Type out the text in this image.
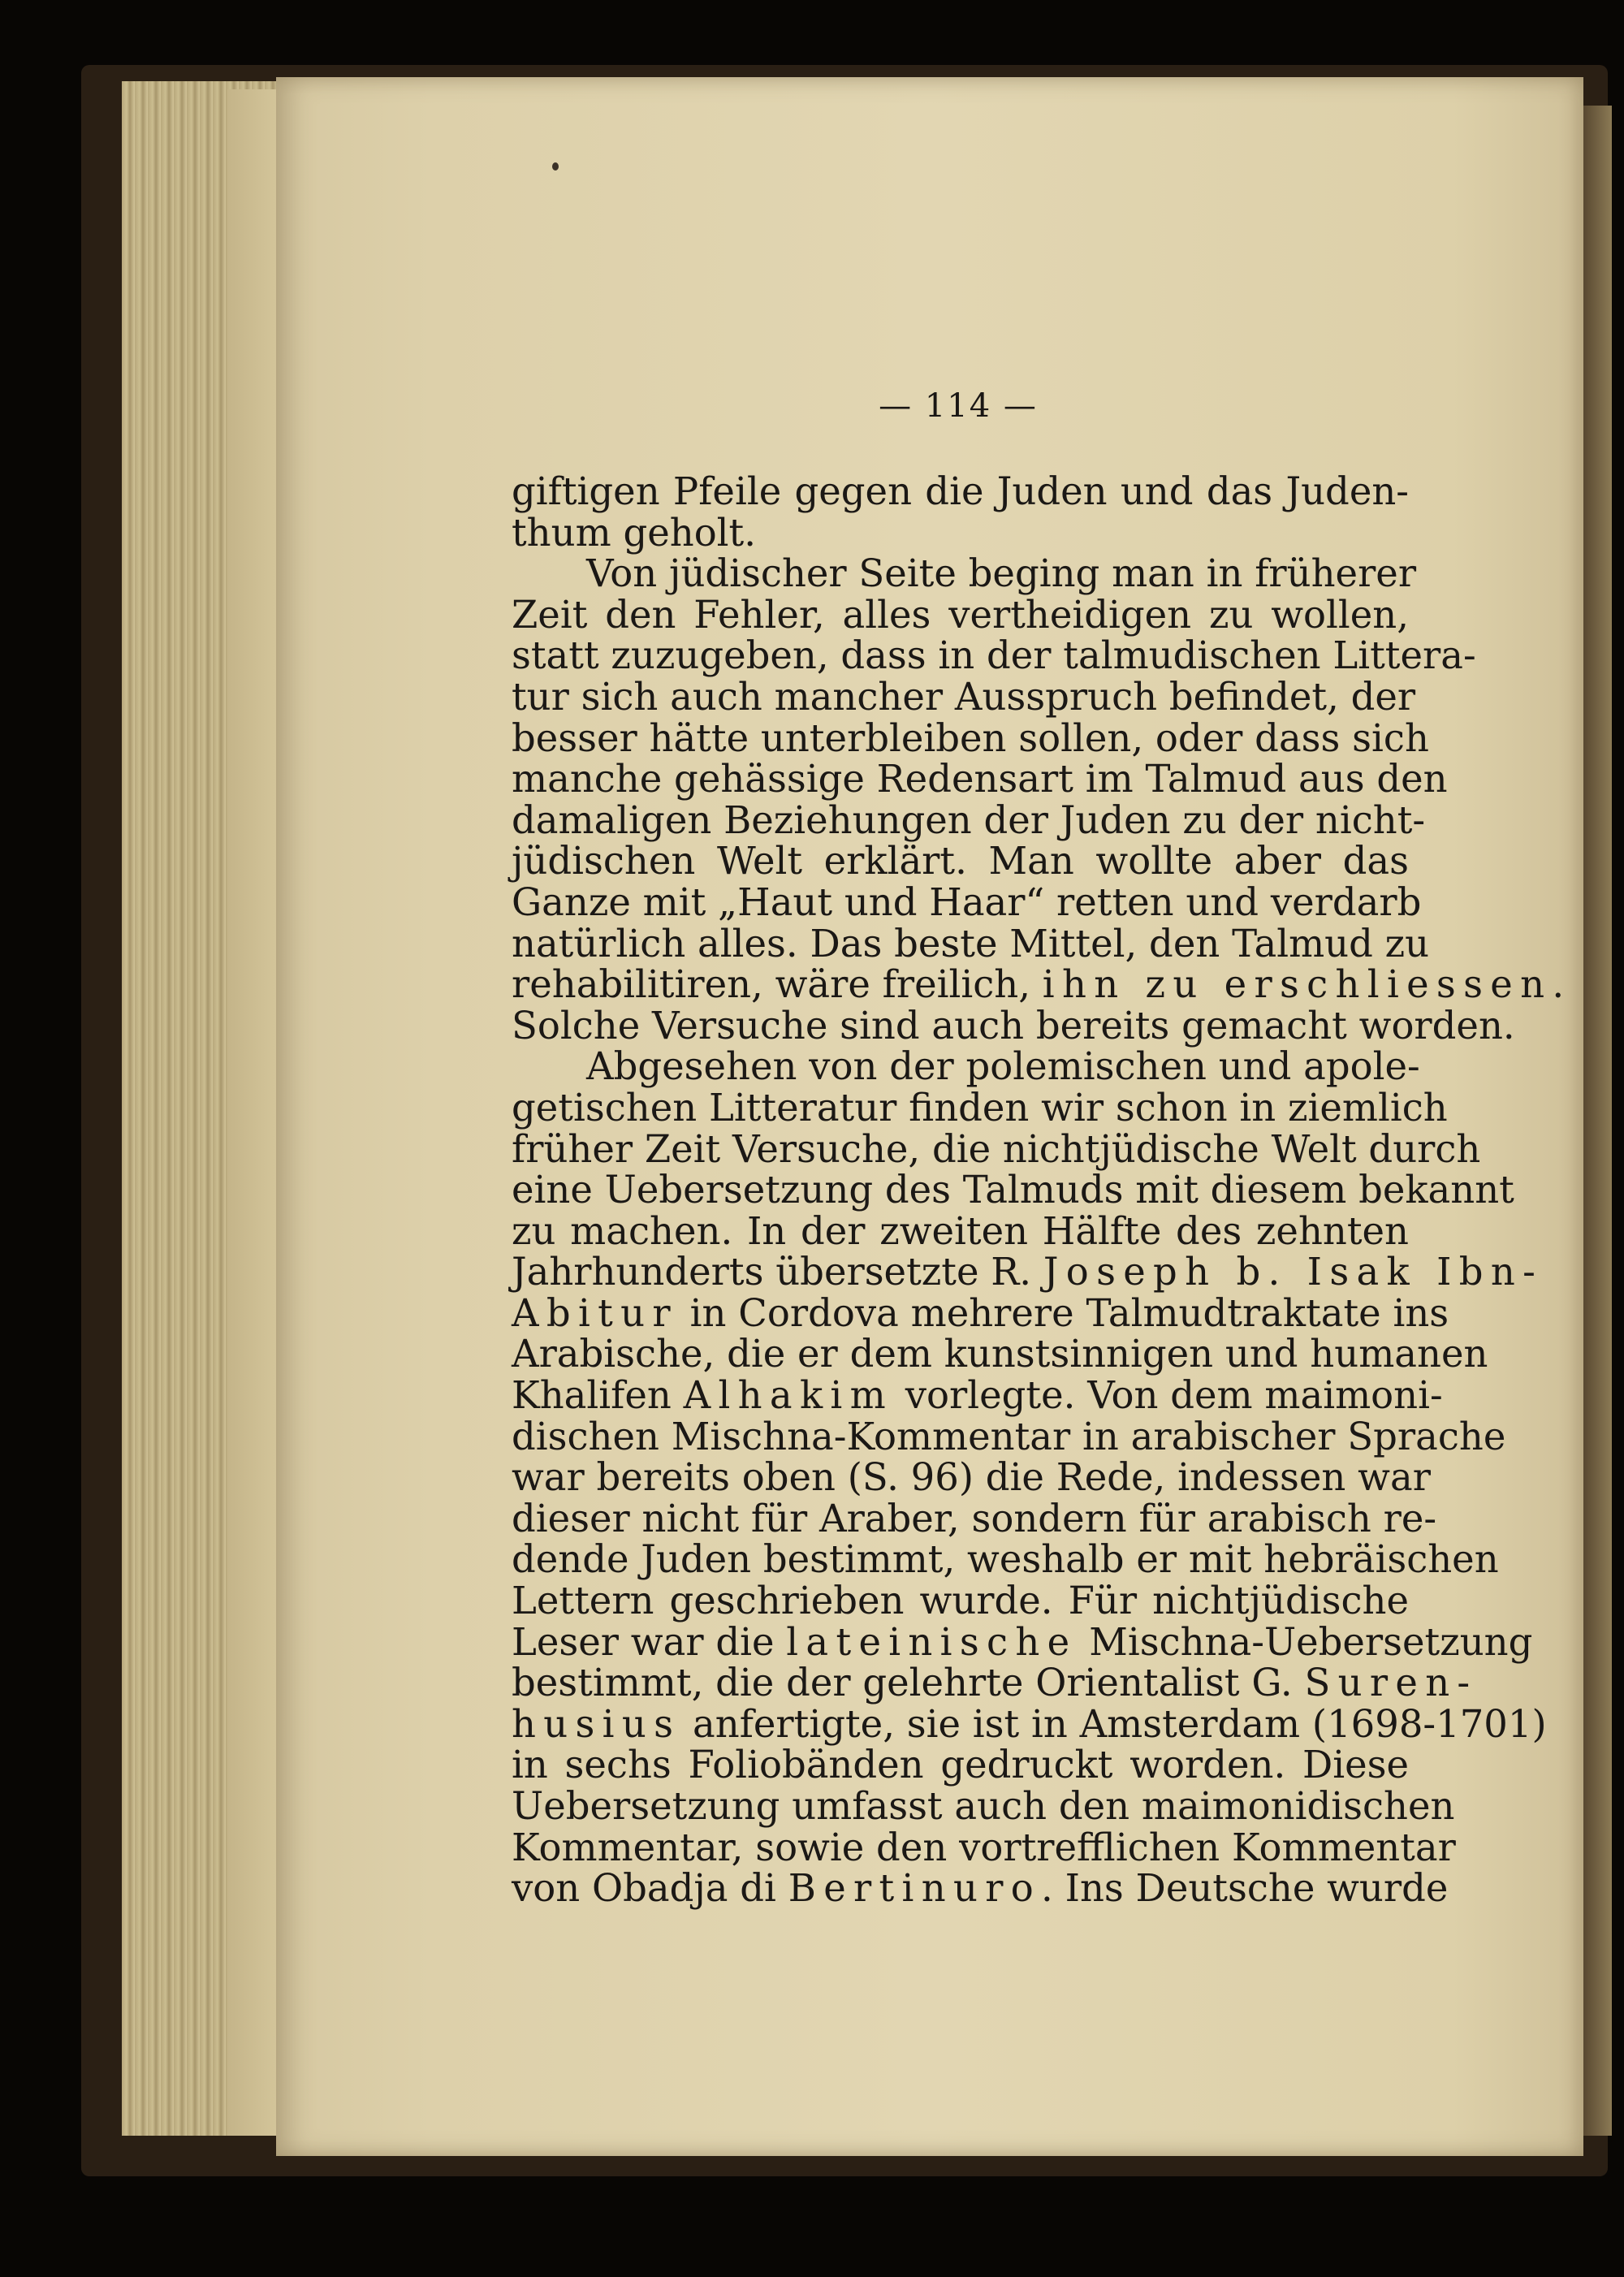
— 114 —
giftigen Pfeile gegen die Juden und das Juden-
thum geholt.
Von jüdischer Seite beging man in früherer
Zeit den Fehler, alles vertheidigen zu wollen,
statt zuzugeben, dass in der talmudischen Littera-
tur sich auch mancher Ausspruch befindet, der
besser hätte unterbleiben sollen, oder dass sich
manche gehässige Redensart im Talmud aus den
damaligen Beziehungen der Juden zu der nicht-
jüdischen Welt erklärt. Man wollte aber das
Ganze mit „Haut und Haar“ retten und verdarb
natürlich alles. Das beste Mittel, den Talmud zu
rehabilitiren, wäre freilich, ihn zu erschliessen.
Solche Versuche sind auch bereits gemacht worden.
Abgesehen von der polemischen und apole-
getischen Litteratur finden wir schon in ziemlich
früher Zeit Versuche, die nichtjüdische Welt durch
eine Uebersetzung des Talmuds mit diesem bekannt
zu machen. In der zweiten Hälfte des zehnten
Jahrhunderts übersetzte R. Joseph b. Isak Ibn-
Abitur in Cordova mehrere Talmudtraktate ins
Arabische, die er dem kunstsinnigen und humanen
Khalifen Alhakim vorlegte. Von dem maimoni-
dischen Mischna-Kommentar in arabischer Sprache
war bereits oben (S. 96) die Rede, indessen war
dieser nicht für Araber, sondern für arabisch re-
dende Juden bestimmt, weshalb er mit hebräischen
Lettern geschrieben wurde. Für nichtjüdische
Leser war die lateinische Mischna-Uebersetzung
bestimmt, die der gelehrte Orientalist G. Suren-
husius anfertigte, sie ist in Amsterdam (1698-1701)
in sechs Foliobänden gedruckt worden. Diese
Uebersetzung umfasst auch den maimonidischen
Kommentar, sowie den vortrefflichen Kommentar
von Obadja di Bertinuro. Ins Deutsche wurde
